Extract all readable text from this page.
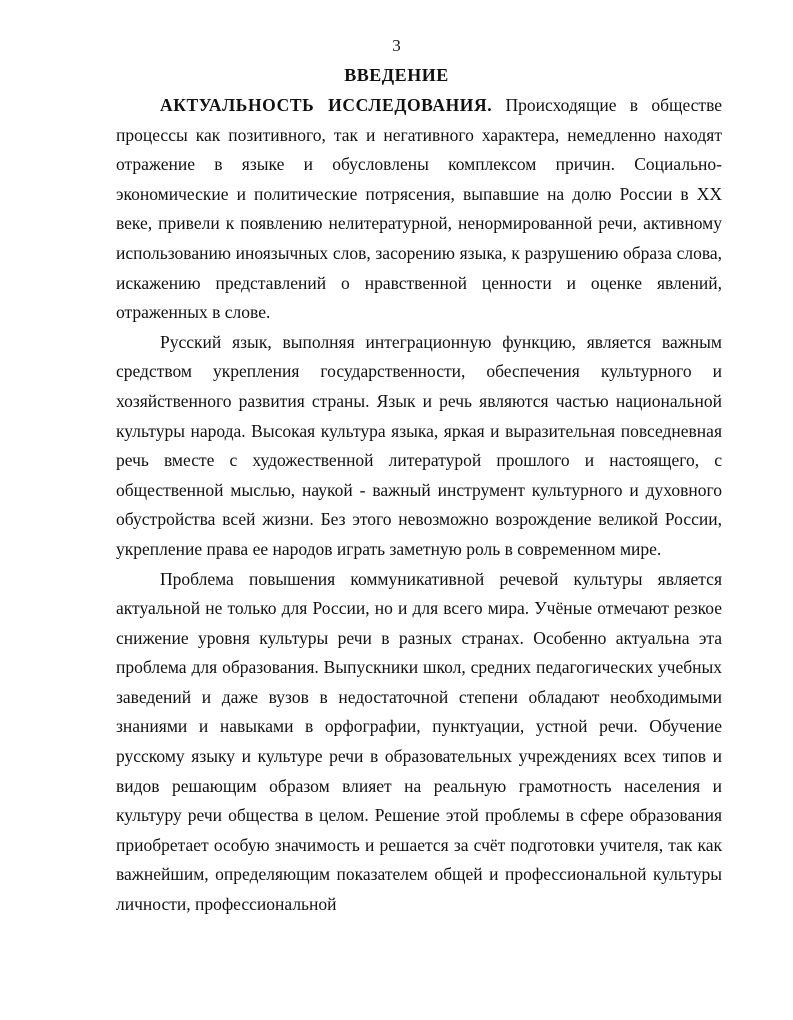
3
ВВЕДЕНИЕ

АКТУАЛЬНОСТЬ ИССЛЕДОВАНИЯ. Происходящие в обществе процессы как позитивного, так и негативного характера, немедленно находят отражение в языке и обусловлены комплексом причин. Социально-экономические и политические потрясения, выпавшие на долю России в XX веке, привели к появлению нелитературной, ненормированной речи, активному использованию иноязычных слов, засорению языка, к разрушению образа слова, искажению представлений о нравственной ценности и оценке явлений, отраженных в слове.

Русский язык, выполняя интеграционную функцию, является важным средством укрепления государственности, обеспечения культурного и хозяйственного развития страны. Язык и речь являются частью национальной культуры народа. Высокая культура языка, яркая и выразительная повседневная речь вместе с художественной литературой прошлого и настоящего, с общественной мыслью, наукой - важный инструмент культурного и духовного обустройства всей жизни. Без этого невозможно возрождение великой России, укрепление права ее народов играть заметную роль в современном мире.

Проблема повышения коммуникативной речевой культуры является актуальной не только для России, но и для всего мира. Учёные отмечают резкое снижение уровня культуры речи в разных странах. Особенно актуальна эта проблема для образования. Выпускники школ, средних педагогических учебных заведений и даже вузов в недостаточной степени обладают необходимыми знаниями и навыками в орфографии, пунктуации, устной речи. Обучение русскому языку и культуре речи в образовательных учреждениях всех типов и видов решающим образом влияет на реальную грамотность населения и культуру речи общества в целом. Решение этой проблемы в сфере образования приобретает особую значимость и решается за счёт подготовки учителя, так как важнейшим, определяющим показателем общей и профессиональной культуры личности, профессиональной
